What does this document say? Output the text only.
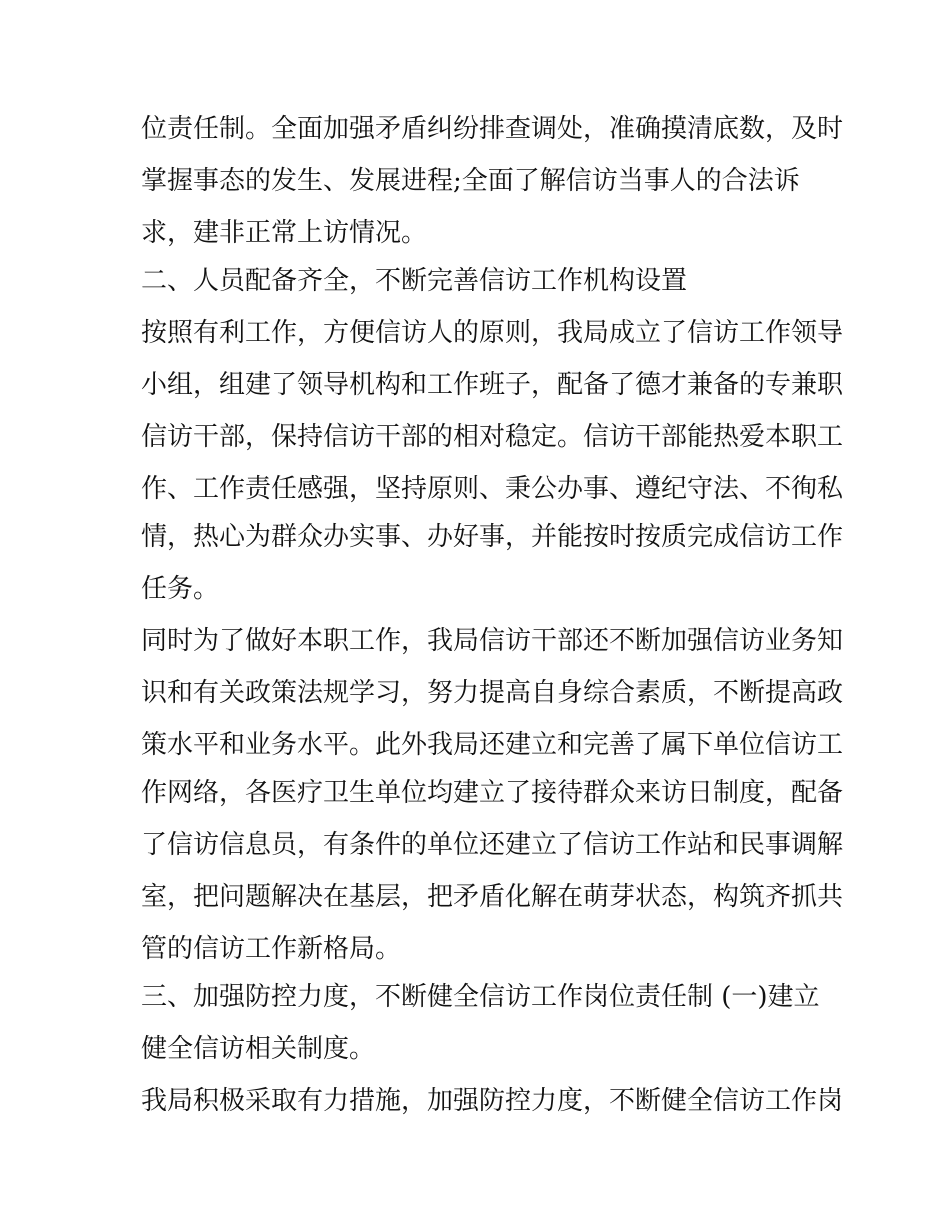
位责任制。全面加强矛盾纠纷排查调处，准确摸清底数，及时
掌握事态的发生、发展进程;全面了解信访当事人的合法诉
求，建非正常上访情况。
二、人员配备齐全，不断完善信访工作机构设置
按照有利工作，方便信访人的原则，我局成立了信访工作领导
小组，组建了领导机构和工作班子，配备了德才兼备的专兼职
信访干部，保持信访干部的相对稳定。信访干部能热爱本职工
作、工作责任感强，坚持原则、秉公办事、遵纪守法、不徇私
情，热心为群众办实事、办好事，并能按时按质完成信访工作
任务。
同时为了做好本职工作，我局信访干部还不断加强信访业务知
识和有关政策法规学习，努力提高自身综合素质，不断提高政
策水平和业务水平。此外我局还建立和完善了属下单位信访工
作网络，各医疗卫生单位均建立了接待群众来访日制度，配备
了信访信息员，有条件的单位还建立了信访工作站和民事调解
室，把问题解决在基层，把矛盾化解在萌芽状态，构筑齐抓共
管的信访工作新格局。
三、加强防控力度，不断健全信访工作岗位责任制 (一)建立
健全信访相关制度。
我局积极采取有力措施，加强防控力度，不断健全信访工作岗
